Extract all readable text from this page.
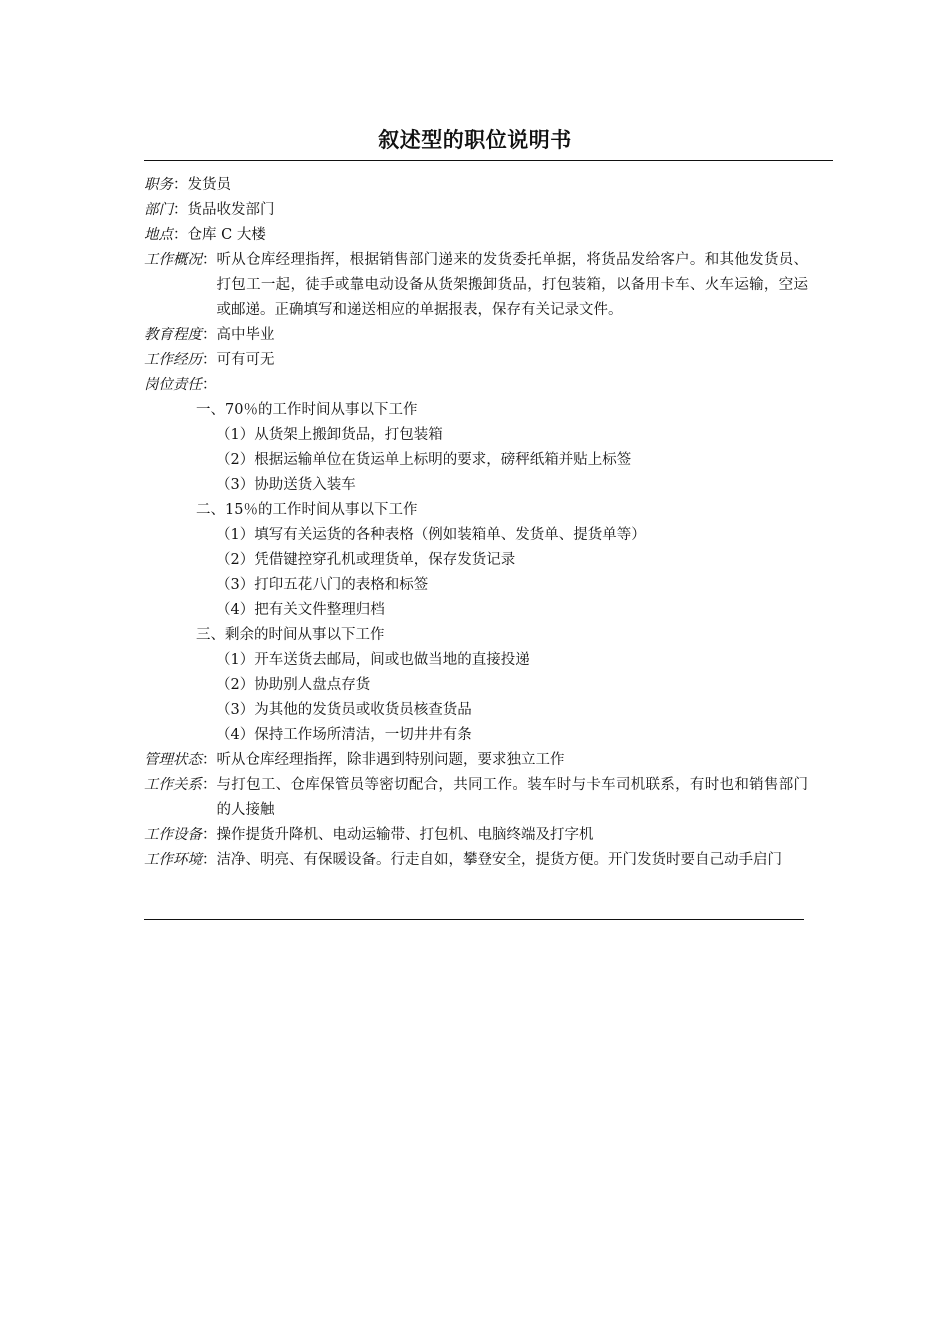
叙述型的职位说明书
职务： 发货员
部门： 货品收发部门
地点： 仓库 C 大楼
工作概况： 听从仓库经理指挥，根据销售部门递来的发货委托单据，将货品发给客户。和其他发货员、打包工一起，徒手或靠电动设备从货架搬卸货品，打包装箱，以备用卡车、火车运输，空运或邮递。正确填写和递送相应的单据报表，保存有关记录文件。
教育程度： 高中毕业
工作经历： 可有可无
岗位责任：
一、70％的工作时间从事以下工作
（1）从货架上搬卸货品，打包装箱
（2）根据运输单位在货运单上标明的要求，磅秤纸箱并贴上标签
（3）协助送货入装车
二、15％的工作时间从事以下工作
（1）填写有关运货的各种表格（例如装箱单、发货单、提货单等）
（2）凭借键控穿孔机或理货单，保存发货记录
（3）打印五花八门的表格和标签
（4）把有关文件整理归档
三、剩余的时间从事以下工作
（1）开车送货去邮局，间或也做当地的直接投递
（2）协助别人盘点存货
（3）为其他的发货员或收货员核查货品
（4）保持工作场所清洁，一切井井有条
管理状态： 听从仓库经理指挥，除非遇到特别问题，要求独立工作
工作关系： 与打包工、仓库保管员等密切配合，共同工作。装车时与卡车司机联系，有时也和销售部门的人接触
工作设备： 操作提货升降机、电动运输带、打包机、电脑终端及打字机
工作环境： 洁净、明亮、有保暖设备。行走自如，攀登安全，提货方便。开门发货时要自己动手启门
